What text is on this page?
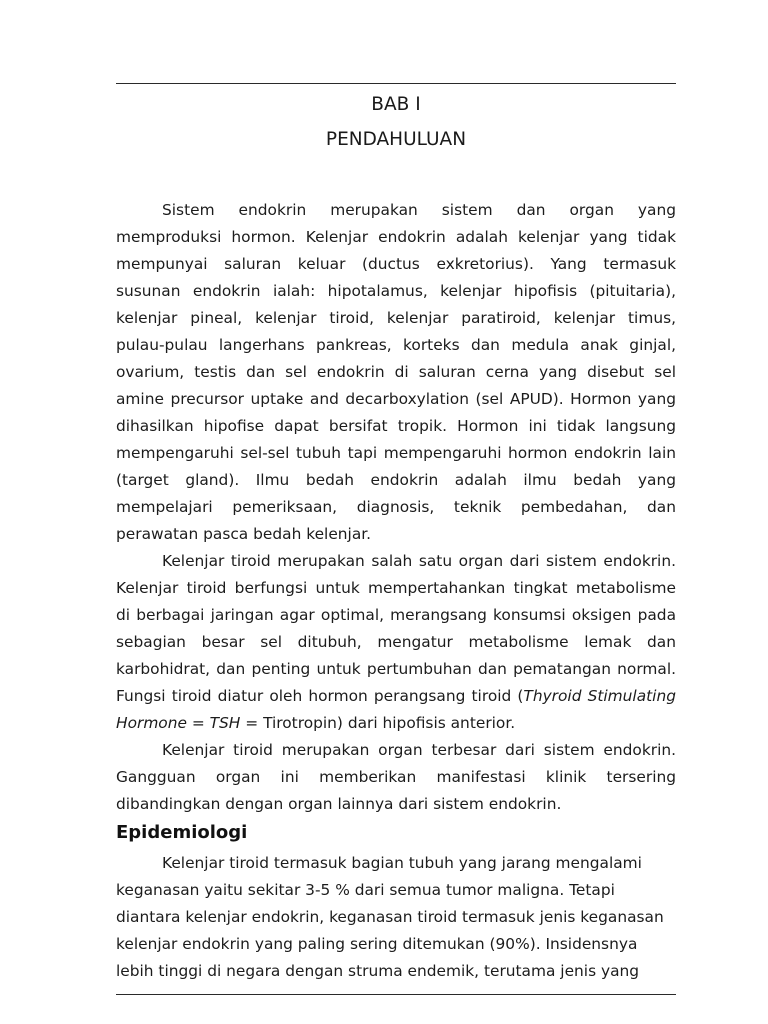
BAB I
PENDAHULUAN
Sistem endokrin merupakan sistem dan organ yang
memproduksi hormon. Kelenjar endokrin adalah kelenjar yang tidak
mempunyai saluran keluar (ductus exkretorius). Yang termasuk
susunan endokrin ialah: hipotalamus, kelenjar hipofisis (pituitaria),
kelenjar pineal, kelenjar tiroid, kelenjar paratiroid, kelenjar timus,
pulau-pulau langerhans pankreas, korteks dan medula anak ginjal,
ovarium, testis dan sel endokrin di saluran cerna yang disebut sel
amine precursor uptake and decarboxylation (sel APUD). Hormon yang
dihasilkan hipofise dapat bersifat tropik. Hormon ini tidak langsung
mempengaruhi sel-sel tubuh tapi mempengaruhi hormon endokrin lain
(target gland). Ilmu bedah endokrin adalah ilmu bedah yang
mempelajari pemeriksaan, diagnosis, teknik pembedahan, dan
perawatan pasca bedah kelenjar.
Kelenjar tiroid merupakan salah satu organ dari sistem endokrin.
Kelenjar tiroid berfungsi untuk mempertahankan tingkat metabolisme
di berbagai jaringan agar optimal, merangsang konsumsi oksigen pada
sebagian besar sel ditubuh, mengatur metabolisme lemak dan
karbohidrat, dan penting untuk pertumbuhan dan pematangan normal.
Fungsi tiroid diatur oleh hormon perangsang tiroid (Thyroid Stimulating
Hormone = TSH = Tirotropin) dari hipofisis anterior.
Kelenjar tiroid merupakan organ terbesar dari sistem endokrin.
Gangguan organ ini memberikan manifestasi klinik tersering
dibandingkan dengan organ lainnya dari sistem endokrin.
Epidemiologi
Kelenjar tiroid termasuk bagian tubuh yang jarang mengalami
keganasan yaitu sekitar 3-5 % dari semua tumor maligna. Tetapi
diantara kelenjar endokrin, keganasan tiroid termasuk jenis keganasan
kelenjar endokrin yang paling sering ditemukan (90%). Insidensnya
lebih tinggi di negara dengan struma endemik, terutama jenis yang
